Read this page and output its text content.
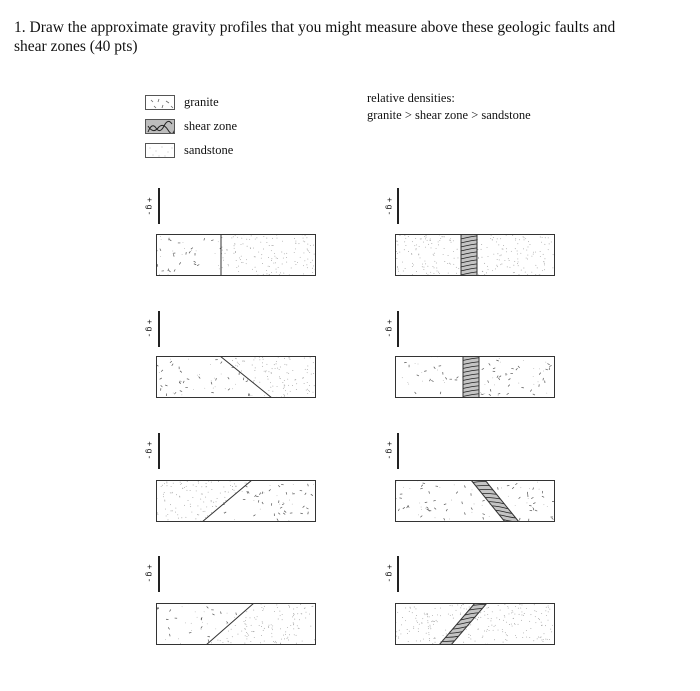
1. Draw the approximate gravity profiles that you might measure above these geologic faults and
shear zones (40 pts)
granite
shear zone
sandstone
relative densities:
granite > shear zone > sandstone
+ g -	+ g -
+ g -	+ g -
+ g -	+ g -
+ g -	+ g -
